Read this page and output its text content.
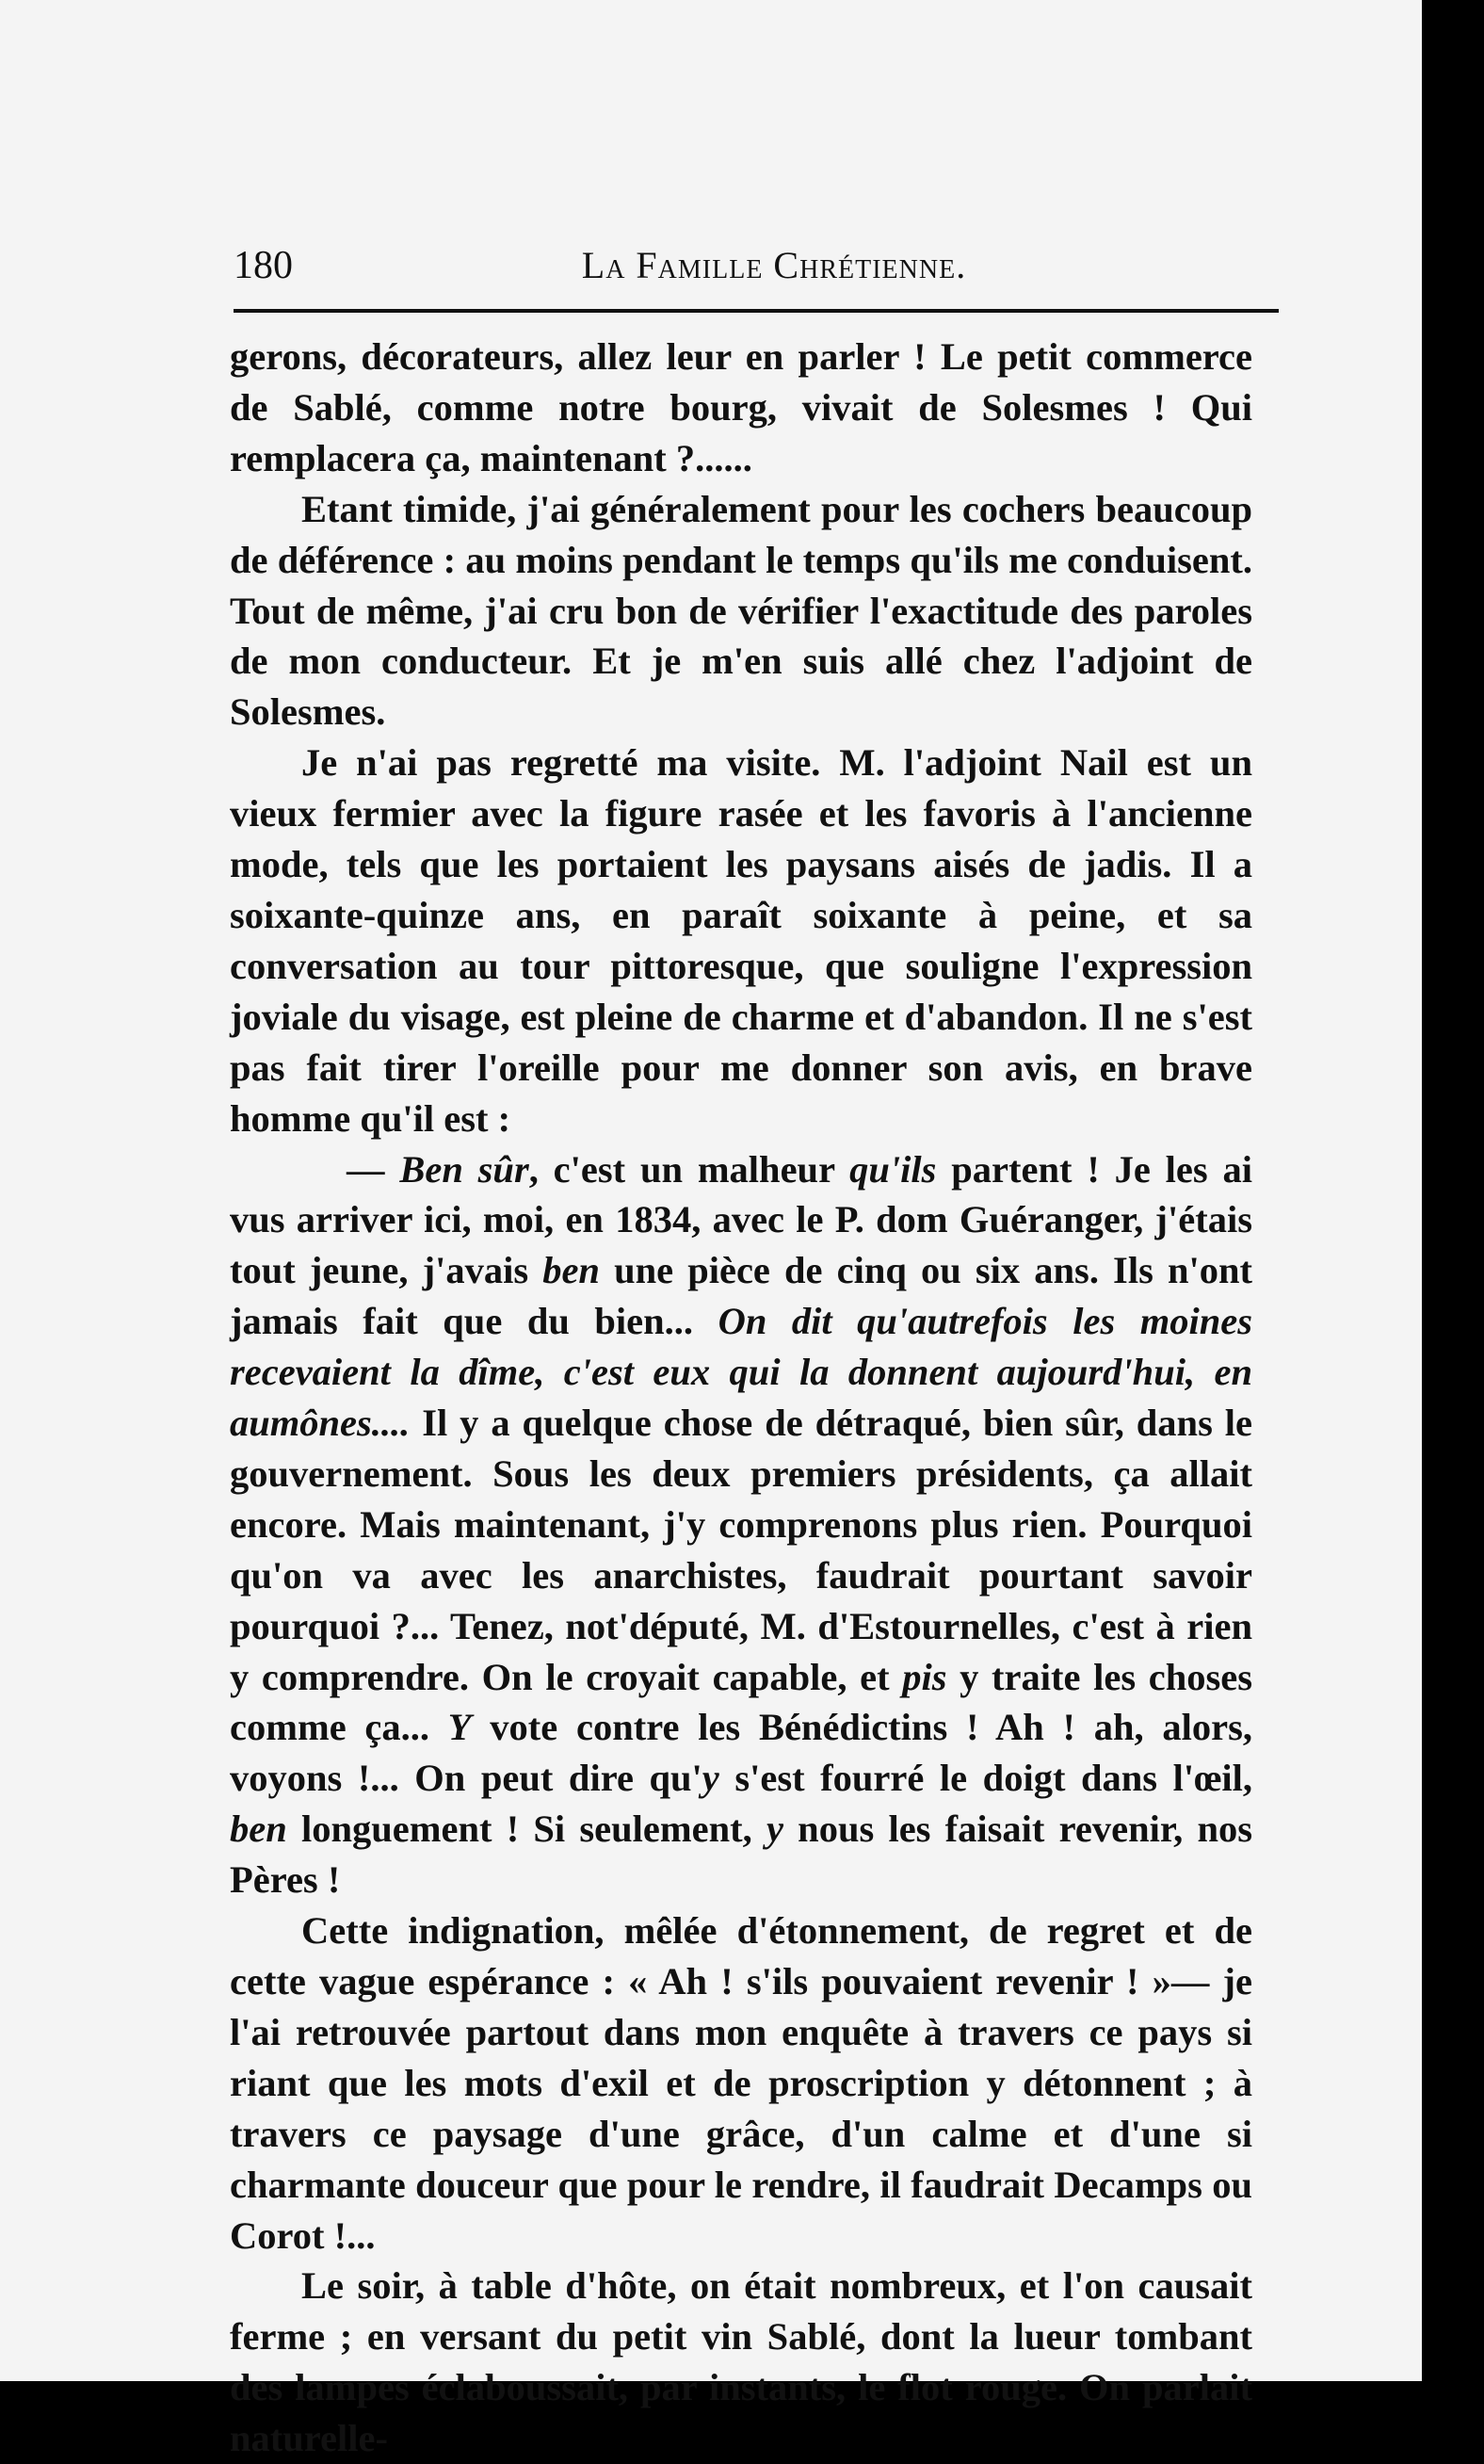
180	La Famille Chrétienne.

gerons, décorateurs, allez leur en parler ! Le petit commerce de Sablé, comme notre bourg, vivait de Solesmes ! Qui remplacera ça, maintenant ?......

Etant timide, j'ai généralement pour les cochers beaucoup de déférence : au moins pendant le temps qu'ils me conduisent. Tout de même, j'ai cru bon de vérifier l'exactitude des paroles de mon conducteur. Et je m'en suis allé chez l'adjoint de Solesmes.

Je n'ai pas regretté ma visite. M. l'adjoint Nail est un vieux fermier avec la figure rasée et les favoris à l'ancienne mode, tels que les portaient les paysans aisés de jadis. Il a soixante-quinze ans, en paraît soixante à peine, et sa conversation au tour pittoresque, que souligne l'expression joviale du visage, est pleine de charme et d'abandon. Il ne s'est pas fait tirer l'oreille pour me donner son avis, en brave homme qu'il est :

— Ben sûr, c'est un malheur qu'ils partent ! Je les ai vus arriver ici, moi, en 1834, avec le P. dom Guéranger, j'étais tout jeune, j'avais ben une pièce de cinq ou six ans. Ils n'ont jamais fait que du bien... On dit qu'autrefois les moines recevaient la dîme, c'est eux qui la donnent aujourd'hui, en aumônes.... Il y a quelque chose de détraqué, bien sûr, dans le gouvernement. Sous les deux premiers présidents, ça allait encore. Mais maintenant, j'y comprenons plus rien. Pourquoi qu'on va avec les anarchistes, faudrait pourtant savoir pourquoi ?... Tenez, not'député, M. d'Estournelles, c'est à rien y comprendre. On le croyait capable, et pis y traite les choses comme ça... Y vote contre les Bénédictins ! Ah ! ah, alors, voyons !... On peut dire qu'y s'est fourré le doigt dans l'œil, ben longuement ! Si seulement, y nous les faisait revenir, nos Pères !

Cette indignation, mêlée d'étonnement, de regret et de cette vague espérance : « Ah ! s'ils pouvaient revenir ! »— je l'ai retrouvée partout dans mon enquête à travers ce pays si riant que les mots d'exil et de proscription y détonnent ; à travers ce paysage d'une grâce, d'un calme et d'une si charmante douceur que pour le rendre, il faudrait Decamps ou Corot !...

Le soir, à table d'hôte, on était nombreux, et l'on causait ferme ; en versant du petit vin Sablé, dont la lueur tombant des lampes éclaboussait, par instants, le flot rouge. On parlait naturelle-
